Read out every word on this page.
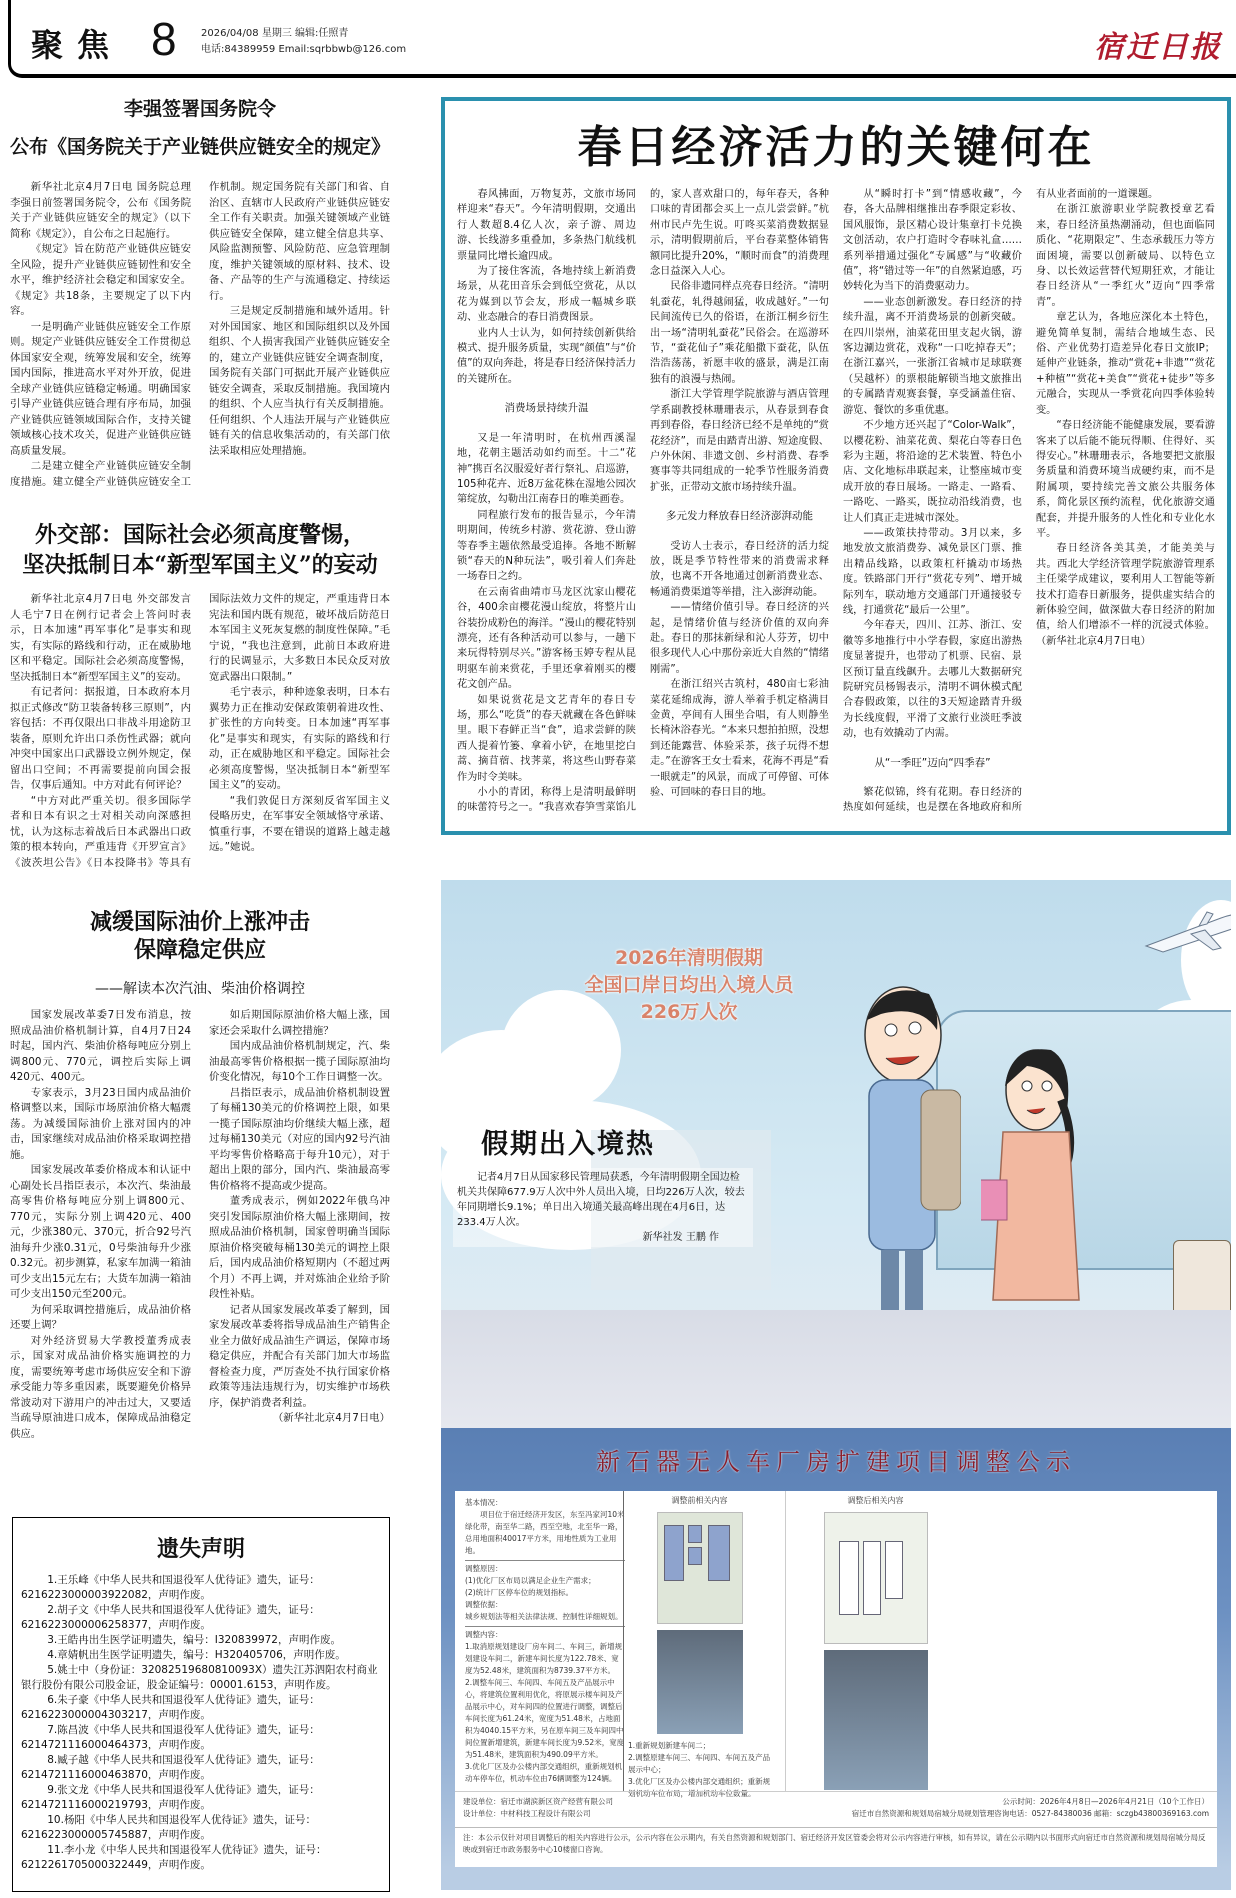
聚焦 8 2026/04/08 星期三 编辑:任照青
电话:84389959 Email:sqrbbwb@126.com	宿迁日报
李强签署国务院令
公布《国务院关于产业链供应链安全的规定》

新华社北京4月7日电 国务院总理李强日前签署国务院令，公布《国务院关于产业链供应链安全的规定》（以下简称《规定》），自公布之日起施行。

《规定》旨在防范产业链供应链安全风险，提升产业链供应链韧性和安全水平，维护经济社会稳定和国家安全。《规定》共18条，主要规定了以下内容。

一是明确产业链供应链安全工作原则。规定产业链供应链安全工作贯彻总体国家安全观，统筹发展和安全，统筹国内国际，推进高水平对外开放，促进全球产业链供应链稳定畅通。明确国家引导产业链供应链合理有序布局，加强产业链供应链领域国际合作，支持关键领域核心技术攻关，促进产业链供应链高质量发展。

二是建立健全产业链供应链安全制度措施。建立健全产业链供应链安全工作机制。规定国务院有关部门和省、自治区、直辖市人民政府产业链供应链安全工作有关职责。加强关键领域产业链供应链安全保障，建立健全信息共享、风险监测预警、风险防范、应急管理制度，维护关键领域的原材料、技术、设备、产品等的生产与流通稳定、持续运行。

三是规定反制措施和域外适用。针对外国国家、地区和国际组织以及外国组织、个人损害我国产业链供应链安全的，建立产业链供应链安全调查制度，国务院有关部门可据此开展产业链供应链安全调查，采取反制措施。我国境内的组织、个人应当执行有关反制措施。任何组织、个人违法开展与产业链供应链有关的信息收集活动的，有关部门依法采取相应处理措施。

外交部：国际社会必须高度警惕，
坚决抵制日本“新型军国主义”的妄动

新华社北京4月7日电 外交部发言人毛宁7日在例行记者会上答问时表示，日本加速“再军事化”是事实和现实，有实际的路线和行动，正在威胁地区和平稳定。国际社会必须高度警惕，坚决抵制日本“新型军国主义”的妄动。

有记者问：据报道，日本政府本月拟正式修改“防卫装备转移三原则”，内容包括：不再仅限出口非战斗用途防卫装备，原则允许出口杀伤性武器；就向冲突中国家出口武器设立例外规定，保留出口空间；不再需要提前向国会报告，仅事后通知。中方对此有何评论？

“中方对此严重关切。很多国际学者和日本有识之士对相关动向深感担忧，认为这标志着战后日本武器出口政策的根本转向，严重违背《开罗宣言》《波茨坦公告》《日本投降书》等具有国际法效力文件的规定，严重违背日本宪法和国内既有规范，破坏战后防范日本军国主义死灰复燃的制度性保障。”毛宁说，“我也注意到，此前日本政府进行的民调显示，大多数日本民众反对放宽武器出口限制。”

毛宁表示，种种迹象表明，日本右翼势力正在推动安保政策朝着进攻性、扩张性的方向转变。日本加速“再军事化”是事实和现实，有实际的路线和行动，正在威胁地区和平稳定。国际社会必须高度警惕，坚决抵制日本“新型军国主义”的妄动。

“我们敦促日方深刻反省军国主义侵略历史，在军事安全领域恪守承诺、慎重行事，不要在错误的道路上越走越远。”她说。

减缓国际油价上涨冲击
保障稳定供应
——解读本次汽油、柴油价格调控

国家发展改革委7日发布消息，按照成品油价格机制计算，自4月7日24时起，国内汽、柴油价格每吨应分别上调800元、770元，调控后实际上调420元、400元。

专家表示，3月23日国内成品油价格调整以来，国际市场原油价格大幅震荡。为减缓国际油价上涨对国内的冲击，国家继续对成品油价格采取调控措施。

国家发展改革委价格成本和认证中心副处长吕指臣表示，本次汽、柴油最高零售价格每吨应分别上调800元、770元，实际分别上调420元、400元，少涨380元、370元，折合92号汽油每升少涨0.31元，0号柴油每升少涨0.32元。初步测算，私家车加满一箱油可少支出15元左右；大货车加满一箱油可少支出150元至200元。

为何采取调控措施后，成品油价格还要上调？

对外经济贸易大学教授董秀成表示，国家对成品油价格实施调控的力度，需要统筹考虑市场供应安全和下游承受能力等多重因素，既要避免价格异常波动对下游用户的冲击过大，又要适当疏导原油进口成本，保障成品油稳定供应。

如后期国际原油价格大幅上涨，国家还会采取什么调控措施？

国内成品油价格机制规定，汽、柴油最高零售价格根据一揽子国际原油均价变化情况，每10个工作日调整一次。

吕指臣表示，成品油价格机制设置了每桶130美元的价格调控上限，如果一揽子国际原油均价继续大幅上涨，超过每桶130美元（对应的国内92号汽油平均零售价格略高于每升10元），对于超出上限的部分，国内汽、柴油最高零售价格将不提高或少提高。

董秀成表示，例如2022年俄乌冲突引发国际原油价格大幅上涨期间，按照成品油价格机制，国家曾明确当国际原油价格突破每桶130美元的调控上限后，国内成品油价格短期内（不超过两个月）不再上调，并对炼油企业给予阶段性补贴。

记者从国家发展改革委了解到，国家发展改革委将指导成品油生产销售企业全力做好成品油生产调运，保障市场稳定供应，并配合有关部门加大市场监督检查力度，严厉查处不执行国家价格政策等违法违规行为，切实维护市场秩序，保护消费者利益。

（新华社北京4月7日电）

遗失声明
1.王乐峰《中华人民共和国退役军人优待证》遗失，证号：
6216223000003922082，声明作废。
2.胡子文《中华人民共和国退役军人优待证》遗失，证号：
6216223000006258377，声明作废。
3.王皓冉出生医学证明遗失，编号：I320839972，声明作废。
4.章婧帆出生医学证明遗失，编号：H320405706，声明作废。
5.姚士中（身份证：32082519680810093X）遗失江苏泗阳农村商业
银行股份有限公司股金证，股金证编号：00001.6153，声明作废。
6.朱子豪《中华人民共和国退役军人优待证》遗失，证号：
6216223000004303217，声明作废。
7.陈昌波《中华人民共和国退役军人优待证》遗失，证号：
6214721116000464373，声明作废。
8.臧子越《中华人民共和国退役军人优待证》遗失，证号：
6214721116000463870，声明作废。
9.张文龙《中华人民共和国退役军人优待证》遗失，证号：
6214721116000219793，声明作废。
10.杨阳《中华人民共和国退役军人优待证》遗失，证号：
6216223000005745887，声明作废。
11.李小龙《中华人民共和国退役军人优待证》遗失，证号：
6212261705000322449，声明作废。
春日经济活力的关键何在

春风拂面，万物复苏，文旅市场同样迎来“春天”。今年清明假期，交通出行人数超8.4亿人次，亲子游、周边游、长线游多重叠加，多条热门航线机票量同比增长逾四成。

为了接住客流，各地持续上新消费场景，从花田音乐会到低空赏花，从以花为媒到以节会友，形成一幅城乡联动、业态融合的春日消费图景。

业内人士认为，如何持续创新供给模式、提升服务质量，实现“颜值”与“价值”的双向奔赴，将是春日经济保持活力的关键所在。

消费场景持续升温

又是一年清明时，在杭州西溪湿地，花朝主题活动如约而至。十二“花神”携百名汉服爱好者行祭礼、启巡游，105种花卉、近8万盆花株在湿地公园次第绽放，勾勒出江南春日的唯美画卷。

同程旅行发布的报告显示，今年清明期间，传统乡村游、赏花游、登山游等春季主题依然最受追捧。各地不断解锁“春天的N种玩法”，吸引着人们奔赴一场春日之约。

在云南省曲靖市马龙区沈家山樱花谷，400余亩樱花漫山绽放，将整片山谷装扮成粉色的海洋。“漫山的樱花特别漂亮，还有各种活动可以参与，一趟下来玩得特别尽兴。”游客杨玉婷专程从昆明驱车前来赏花，手里还拿着刚买的樱花文创产品。

如果说赏花是文艺青年的春日专场，那么“吃货”的春天就藏在各色鲜味里。眼下春鲜正当“食”，追求尝鲜的陕西人提着竹篓、拿着小铲，在地里挖白蒿、摘苜蓿、找荠菜，将这些山野春菜作为时令美味。

小小的青团，称得上是清明最鲜明的味蕾符号之一。“我喜欢春笋雪菜馅儿的，家人喜欢甜口的，每年春天，各种口味的青团都会买上一点儿尝尝鲜。”杭州市民卢先生说。叮咚买菜消费数据显示，清明假期前后，平台春菜整体销售额同比提升20%，“顺时而食”的消费理念日益深入人心。

民俗非遗同样点亮春日经济。“清明轧蚕花，轧得越闹猛，收成越好。”一句民间流传已久的俗语，在浙江桐乡衍生出一场“清明轧蚕花”民俗会。在巡游环节，“蚕花仙子”乘花船撒下蚕花，队伍浩浩荡荡，祈愿丰收的盛景，满是江南独有的浪漫与热闹。

浙江大学管理学院旅游与酒店管理学系副教授林珊珊表示，从春景到春食再到春俗，春日经济已经不是单纯的“赏花经济”，而是由踏青出游、短途度假、户外休闲、非遗文创、乡村消费、春季赛事等共同组成的一轮季节性服务消费扩张，正带动文旅市场持续升温。

多元发力释放春日经济澎湃动能

受访人士表示，春日经济的活力绽放，既是季节特性带来的消费需求释放，也离不开各地通过创新消费业态、畅通消费渠道等举措，注入澎湃动能。

——情绪价值引导。春日经济的兴起，是情绪价值与经济价值的双向奔赴。春日的那抹新绿和沁人芬芳，切中很多现代人心中那份亲近大自然的“情绪刚需”。

在浙江绍兴古筑村，480亩七彩油菜花延绵成海，游人举着手机定格满目金黄，亭间有人围坐合唱，有人则静坐长椅沐浴春光。“本来只想拍拍照，没想到还能露营、体验采茶，孩子玩得不想走。”在游客王女士看来，花海不再是“看一眼就走”的风景，而成了可停留、可体验、可回味的春日目的地。

从“瞬时打卡”到“情感收藏”，今春，各大品牌相继推出春季限定彩妆、国风服饰，景区精心设计集章打卡兑换文创活动，农户打造时令春味礼盒……系列举措通过强化“专属感”与“收藏价值”，将“错过等一年”的自然紧迫感，巧妙转化为当下的消费驱动力。

——业态创新激发。春日经济的持续升温，离不开消费场景的创新突破。在四川崇州，油菜花田里支起火锅，游客边涮边赏花，戏称“一口吃掉春天”；在浙江嘉兴，一张浙江省城市足球联赛（吴越杯）的票根能解锁当地文旅推出的专属踏青观赛套餐，享受涵盖住宿、游览、餐饮的多重优惠。

不少地方还兴起了“Color-Walk”，以樱花粉、油菜花黄、梨花白等春日色彩为主题，将沿途的艺术装置、特色小店、文化地标串联起来，让整座城市变成开放的春日展场。一路走、一路看、一路吃、一路买，既拉动沿线消费，也让人们真正走进城市深处。

——政策扶持带动。3月以来，多地发放文旅消费券、减免景区门票、推出精品线路，以政策杠杆撬动市场热度。铁路部门开行“赏花专列”、增开城际列车，联动地方交通部门开通接驳专线，打通赏花“最后一公里”。

今年春天，四川、江苏、浙江、安徽等多地推行中小学春假，家庭出游热度显著提升，也带动了机票、民宿、景区预订量直线飙升。去哪儿大数据研究院研究员杨锡表示，清明不调休模式配合春假政策，以往的3天短途踏青升级为长线度假，平滑了文旅行业淡旺季波动，也有效撬动了内需。

从“一季旺”迈向“四季春”

繁花似锦，终有花期。春日经济的热度如何延续，也是摆在各地政府和所有从业者面前的一道课题。

在浙江旅游职业学院教授章艺看来，春日经济虽热潮涌动，但也面临同质化、“花期限定”、生态承载压力等方面困境，需要以创新破局、以特色立身、以长效运营替代短期狂欢，才能让春日经济从“一季红火”迈向“四季常青”。

章艺认为，各地应深化本土特色，避免简单复制，需结合地域生态、民俗、产业优势打造差异化春日文旅IP；延伸产业链条，推动“赏花+非遗”“赏花+种植”“赏花+美食”“赏花+徒步”等多元融合，实现从一季赏花向四季体验转变。

“春日经济能不能健康发展，要看游客来了以后能不能玩得顺、住得好、买得安心。”林珊珊表示，各地要把文旅服务质量和消费环境当成硬约束，而不是附属项，要持续完善文旅公共服务体系，简化景区预约流程，优化旅游交通配套，并提升服务的人性化和专业化水平。

春日经济各美其美，才能美美与共。西北大学经济管理学院旅游管理系主任梁学成建议，要利用人工智能等新技术打造春日新服务，提供虚实结合的新体验空间，做深做大春日经济的附加值，给人们增添不一样的沉浸式体验。（新华社北京4月7日电）

2026年清明假期
全国口岸日均出入境人员
226万人次
假期出入境热
记者4月7日从国家移民管理局获悉，今年清明假期全国边检机关共保障677.9万人次中外人员出入境，日均226万人次，较去年同期增长9.1%；单日出入境通关最高峰出现在4月6日，达233.4万人次。
新华社发 王鹏 作
新石器无人车厂房扩建项目调整公示
基本情况：
项目位于宿迁经济开发区，东至冯家河10米绿化带，南至华二路，西至空地，北至华一路，总用地面积40017平方米，用地性质为工业用地。
调整原因：
(1)优化厂区布局以满足企业生产需求；
(2)统计厂区停车位的规划指标。
调整依据：
城乡规划法等相关法律法规、控制性详细规划。
调整内容：
1.取消原规划建设厂房车间二、车间三，新增规划建设车间二，新建车间长度为122.78米、宽度为52.48米，建筑面积为8739.37平方米。
2.调整车间三、车间四、车间五及产品展示中心，将建筑位置利用优化，将原展示楼车间及产品展示中心，对车间四的位置进行调整，调整后车间长度为61.24米，宽度为51.48米，占地面积为4040.15平方米，另在原车间三及车间四中间位置新增建筑，新建车间长度为9.52米，宽度为51.48米，建筑面积为490.09平方米。
3.优化厂区及办公楼内部交通组织，重新规划机动车停车位，机动车位由76辆调整为124辆。
调整前相关内容
1.重新规划新建车间二；
2.调整原建车间三、车间四、车间五及产品展示中心；
3.优化厂区及办公楼内部交通组织；重新规划机动车位布局，增加机动车位数量。
调整后相关内容
建设单位：宿迁市湖滨新区资产经营有限公司	公示时间：2026年4月8日—2026年4月21日（10个工作日）
设计单位：中材科技工程设计有限公司	宿迁市自然资源和规划局宿城分局规划管理咨询电话：0527-84380036 邮箱：sczgb43800369163.com
注：本公示仅针对项目调整后的相关内容进行公示，公示内容在公示期内，有关自然资源和规划部门、宿迁经济开发区管委会将对公示内容进行审核，如有异议，请在公示期内以书面形式向宿迁市自然资源和规划局宿城分局反映或到宿迁市政务服务中心10楼窗口咨询。
